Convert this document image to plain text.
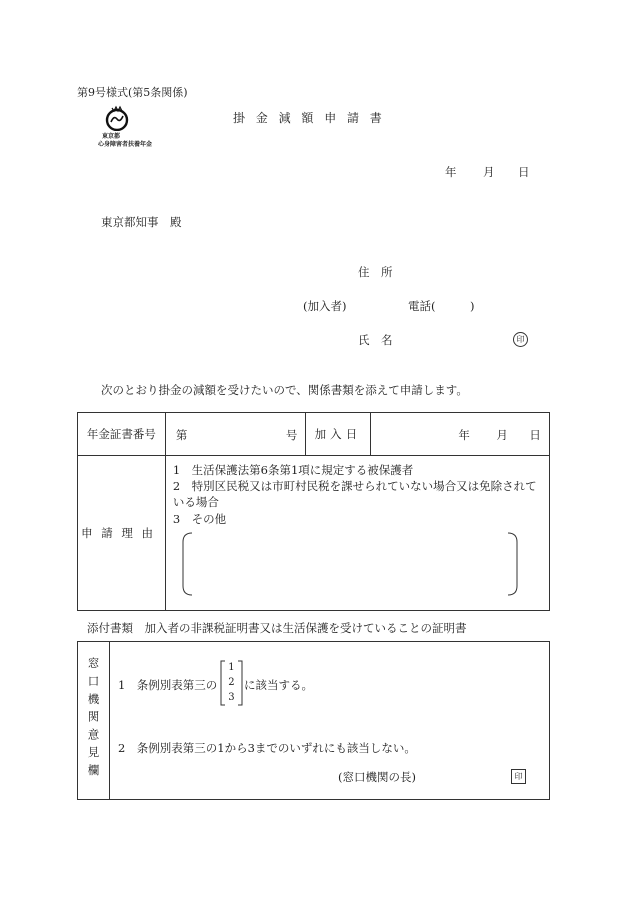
第9号様式(第5条関係)
掛金減額申請書
東京都
心身障害者扶養年金
年 月 日
東京都知事　殿
住　所
(加入者)	電話(　　　)
氏　名	印
次のとおり掛金の減額を受けたいので、関係書類を添えて申請します。
年金証書番号	第 号	加入日	年 月 日

申請理由	1　生活保護法第6条第1項に規定する被保護者
2　特別区民税又は市町村民税を課せられていない場合又は免除されている場合
3　その他		
添付書類　加入者の非課税証明書又は生活保護を受けていることの証明書
窓口機関意見欄	1　条例別表第三の
1
2
3
に該当する。
2　条例別表第三の1から3までのいずれにも該当しない。
(窓口機関の長)	印
